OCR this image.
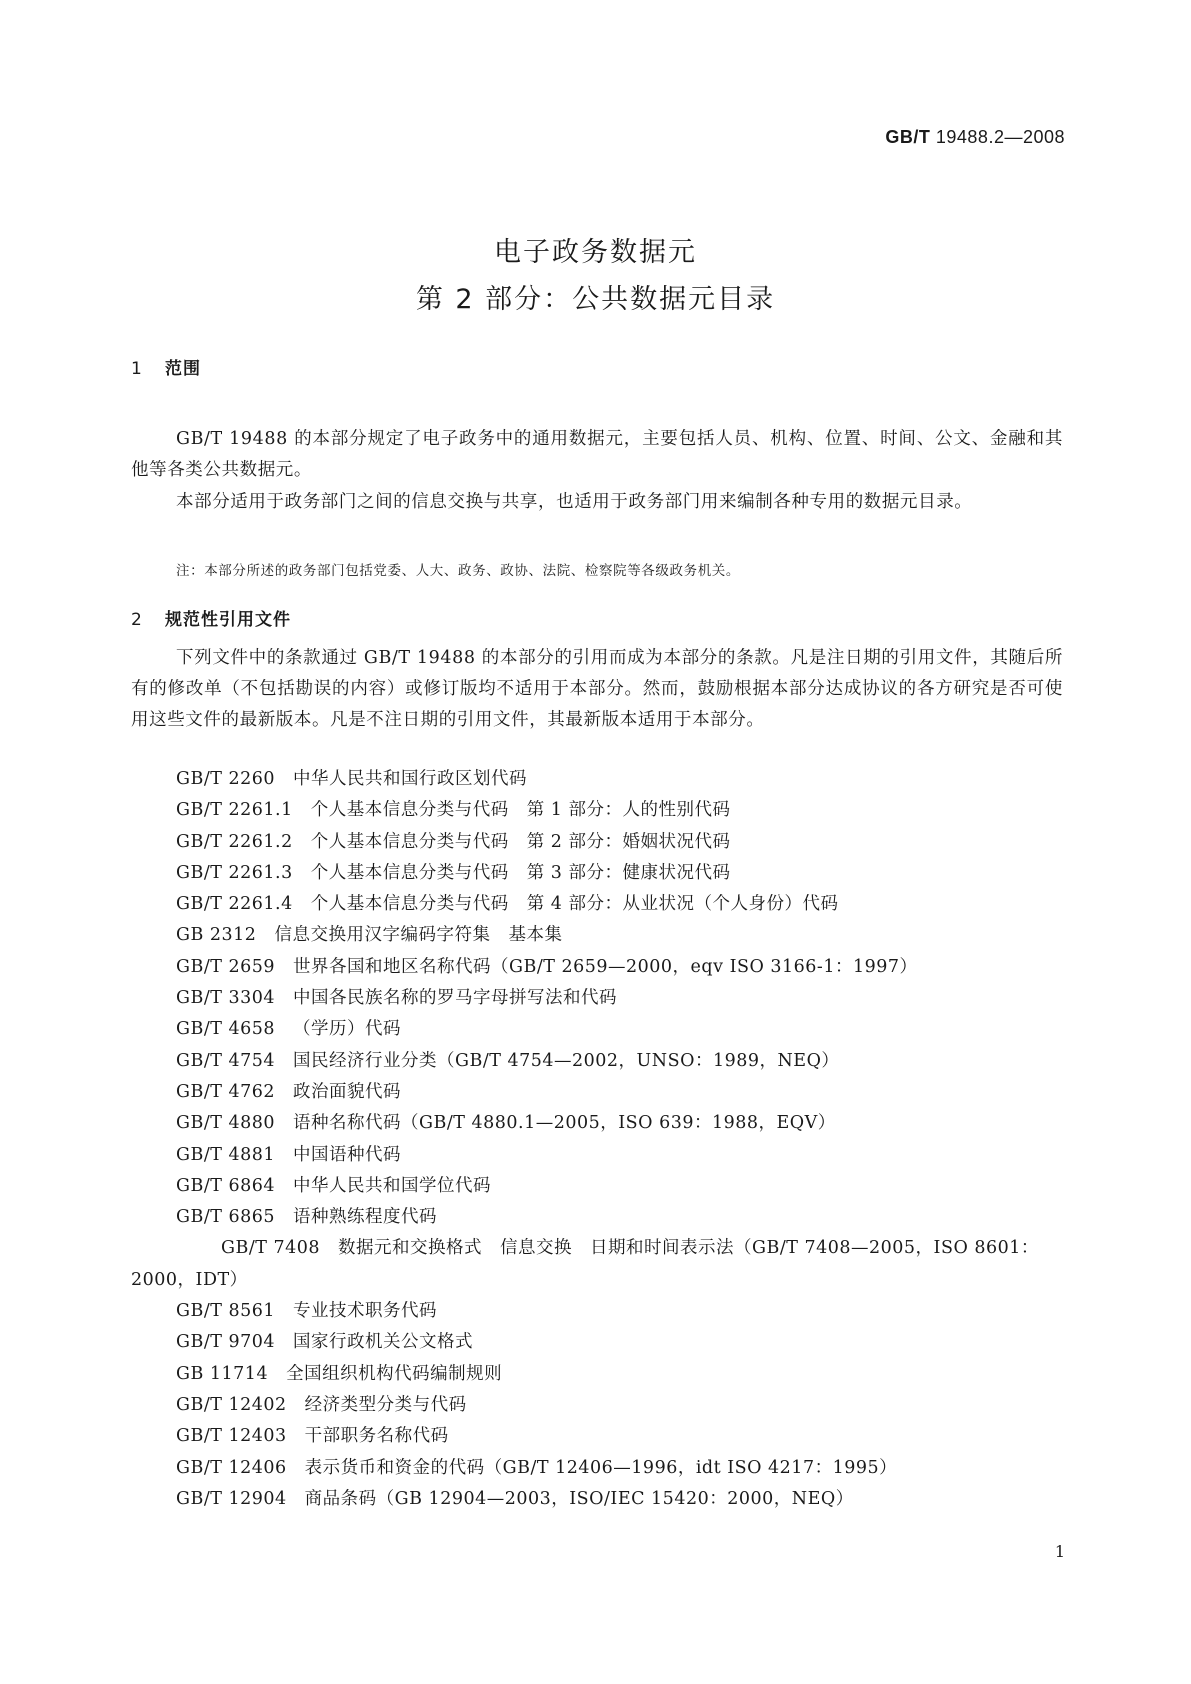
GB/T 19488.2—2008
电子政务数据元
第 2 部分：公共数据元目录
1 范围
GB/T 19488 的本部分规定了电子政务中的通用数据元，主要包括人员、机构、位置、时间、公文、金融和其他等各类公共数据元。
本部分适用于政务部门之间的信息交换与共享，也适用于政务部门用来编制各种专用的数据元目录。
注：本部分所述的政务部门包括党委、人大、政务、政协、法院、检察院等各级政务机关。
2 规范性引用文件
下列文件中的条款通过 GB/T 19488 的本部分的引用而成为本部分的条款。凡是注日期的引用文件，其随后所有的修改单（不包括勘误的内容）或修订版均不适用于本部分。然而，鼓励根据本部分达成协议的各方研究是否可使用这些文件的最新版本。凡是不注日期的引用文件，其最新版本适用于本部分。
GB/T 2260 中华人民共和国行政区划代码
GB/T 2261.1 个人基本信息分类与代码　第 1 部分：人的性别代码
GB/T 2261.2 个人基本信息分类与代码　第 2 部分：婚姻状况代码
GB/T 2261.3 个人基本信息分类与代码　第 3 部分：健康状况代码
GB/T 2261.4 个人基本信息分类与代码　第 4 部分：从业状况（个人身份）代码
GB 2312 信息交换用汉字编码字符集　基本集
GB/T 2659 世界各国和地区名称代码（GB/T 2659—2000，eqv ISO 3166-1：1997）
GB/T 3304 中国各民族名称的罗马字母拼写法和代码
GB/T 4658 （学历）代码
GB/T 4754 国民经济行业分类（GB/T 4754—2002，UNSO：1989，NEQ）
GB/T 4762 政治面貌代码
GB/T 4880 语种名称代码（GB/T 4880.1—2005，ISO 639：1988，EQV）
GB/T 4881 中国语种代码
GB/T 6864 中华人民共和国学位代码
GB/T 6865 语种熟练程度代码
GB/T 7408 数据元和交换格式　信息交换　日期和时间表示法（GB/T 7408—2005，ISO 8601：2000，IDT）
GB/T 8561 专业技术职务代码
GB/T 9704 国家行政机关公文格式
GB 11714 全国组织机构代码编制规则
GB/T 12402 经济类型分类与代码
GB/T 12403 干部职务名称代码
GB/T 12406 表示货币和资金的代码（GB/T 12406—1996，idt ISO 4217：1995）
GB/T 12904 商品条码（GB 12904—2003，ISO/IEC 15420：2000，NEQ）
1
